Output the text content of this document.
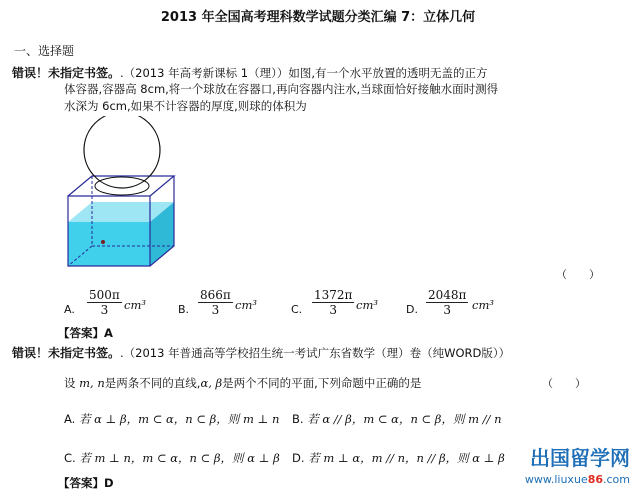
2013 年全国高考理科数学试题分类汇编 7：立体几何
一、选择题
错误！未指定书签。.（2013 年高考新课标 1（理））如图,有一个水平放置的透明无盖的正方
体容器,容器高 8cm,将一个球放在容器口,再向容器内注水,当球面恰好接触水面时测得
水深为 6cm,如果不计容器的厚度,则球的体积为
（　　）
A. $\frac{500\pi}{3} cm^3$	B. $\frac{866\pi}{3} cm^3$	C. $\frac{1372\pi}{3} cm^3$	D. $\frac{2048\pi}{3} cm^3$
【答案】A
错误！未指定书签。.（2013 年普通高等学校招生统一考试广东省数学（理）卷（纯WORD版））
设 m, n是两条不同的直线,α, β是两个不同的平面,下列命题中正确的是	（　　）
A. 若 α ⊥ β，m ⊂ α，n ⊂ β，则 m ⊥ n B. 若 α // β，m ⊂ α，n ⊂ β，则 m // n
C. 若 m ⊥ n，m ⊂ α，n ⊂ β，则 α ⊥ β D. 若 m ⊥ α，m // n，n // β，则 α ⊥ β
【答案】D
出国留学网
www.liuxue86.com
